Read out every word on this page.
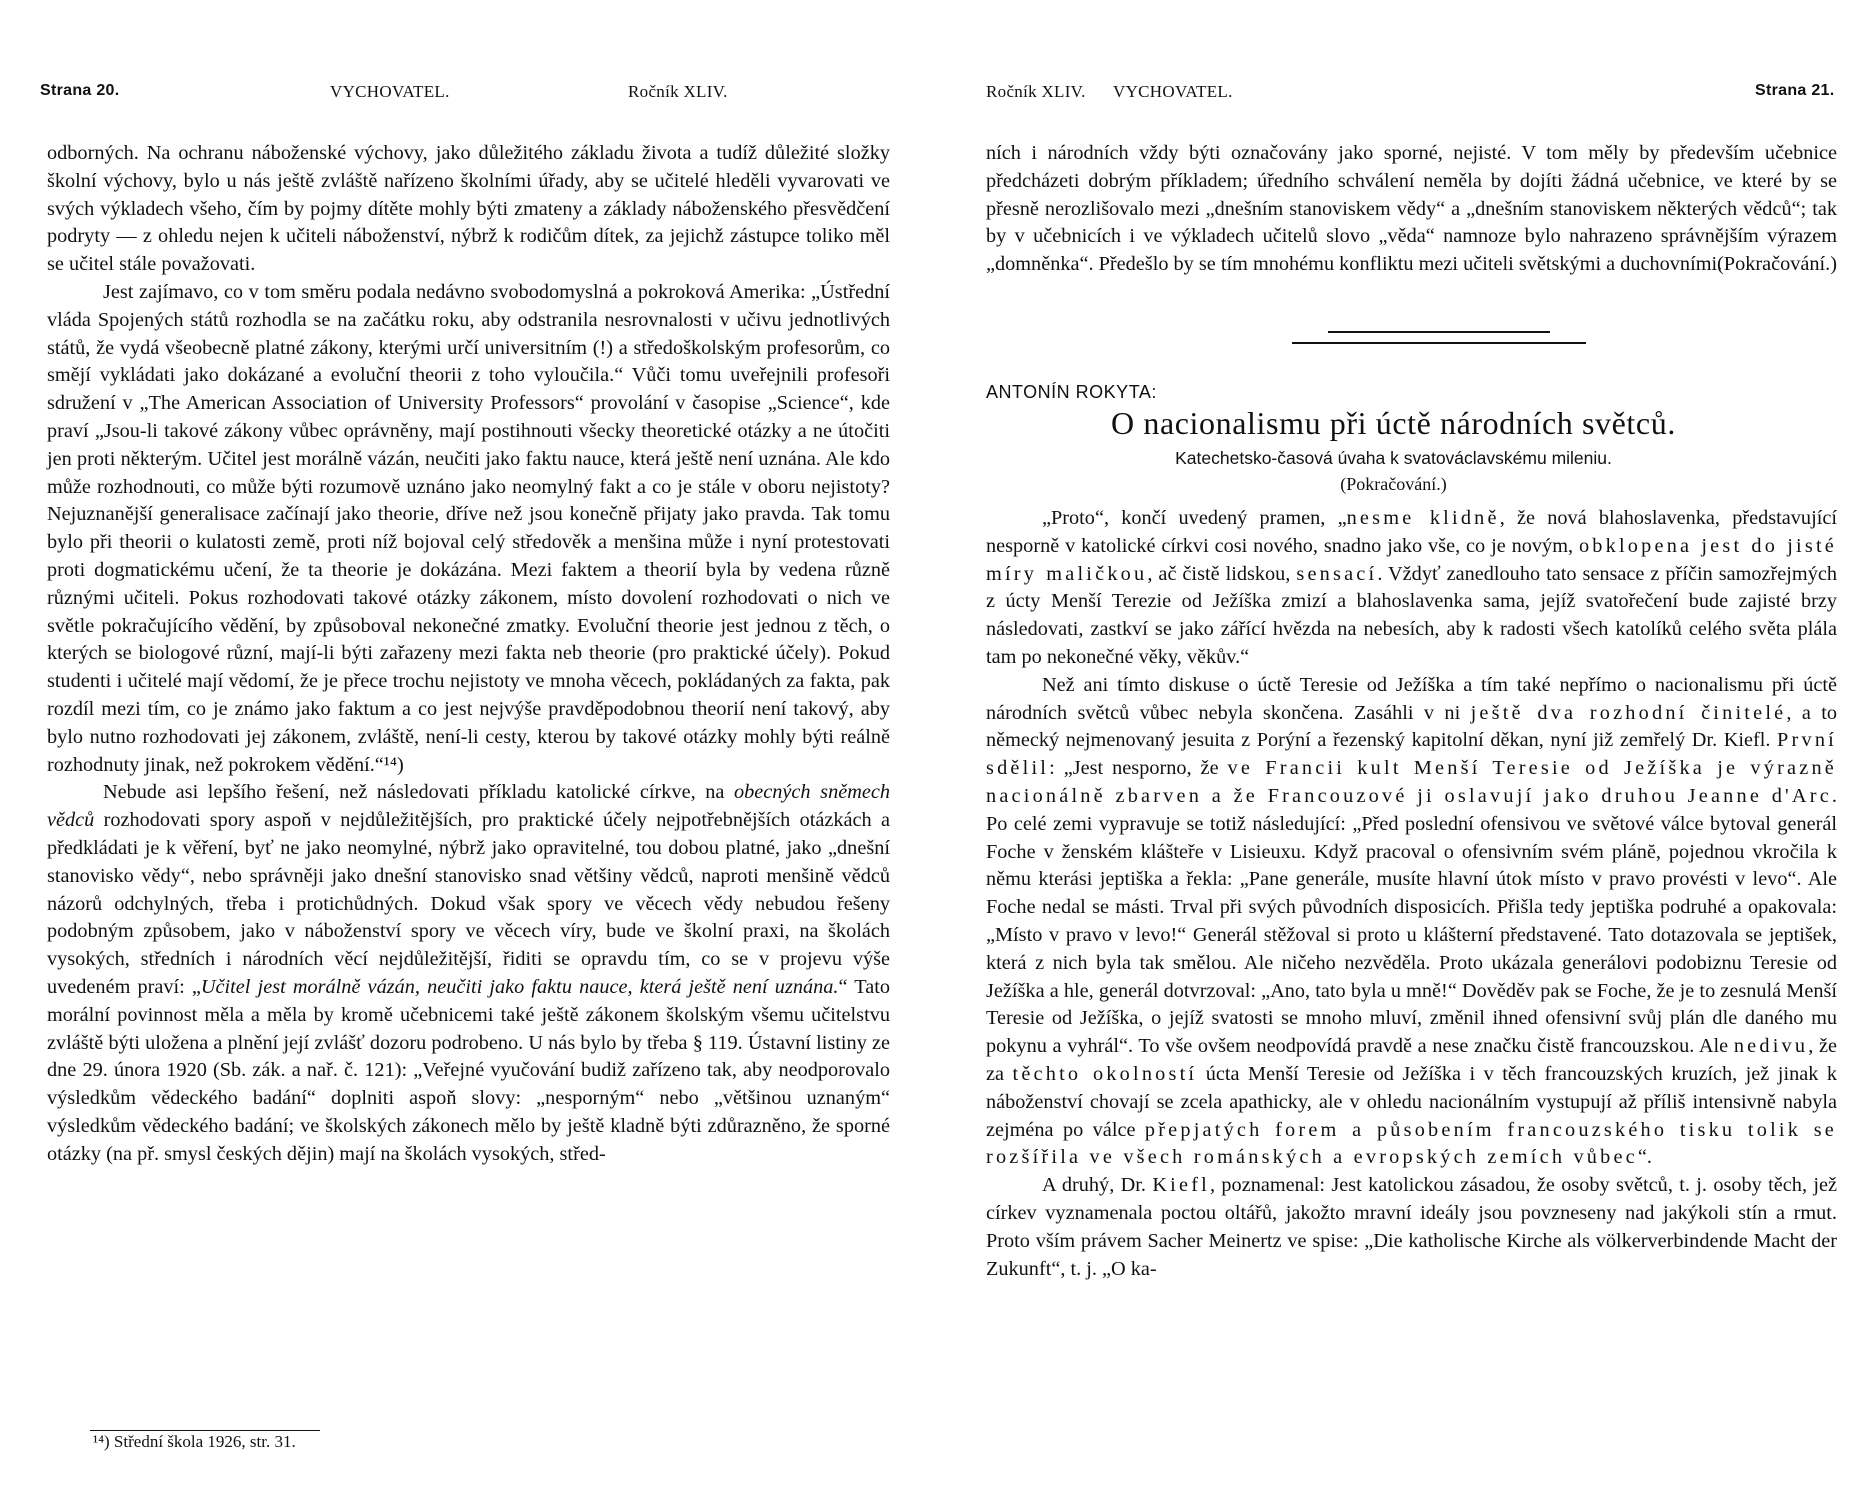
Strana 20.	VYCHOVATEL.	Ročník XLIV.

odborných. Na ochranu náboženské výchovy, jako důležitého základu života a tudíž důležité složky školní výchovy, bylo u nás ještě zvláště nařízeno školními úřady, aby se učitelé hleděli vyvarovati ve svých výkladech všeho, čím by pojmy dítěte mohly býti zmateny a základy náboženského přesvědčení podryty — z ohledu nejen k učiteli náboženství, nýbrž k rodičům dítek, za jejichž zástupce toliko měl se učitel stále považovati.

Jest zajímavo, co v tom směru podala nedávno svobodomyslná a pokroková Amerika: „Ústřední vláda Spojených států rozhodla se na začátku roku, aby odstranila nesrovnalosti v učivu jednotlivých států, že vydá všeobecně platné zákony, kterými určí universitním (!) a středoškolským profesorům, co smějí vykládati jako dokázané a evoluční theorii z toho vyloučila.“ Vůči tomu uveřejnili profesoři sdružení v „The American Association of University Professors“ provolání v časopise „Science“, kde praví „Jsou-li takové zákony vůbec oprávněny, mají postihnouti všecky theoretické otázky a ne útočiti jen proti některým. Učitel jest morálně vázán, neučiti jako faktu nauce, která ještě není uznána. Ale kdo může rozhodnouti, co může býti rozumově uznáno jako neomylný fakt a co je stále v oboru nejistoty? Nejuznanější generalisace začínají jako theorie, dříve než jsou konečně přijaty jako pravda. Tak tomu bylo při theorii o kulatosti země, proti níž bojoval celý středověk a menšina může i nyní protestovati proti dogmatickému učení, že ta theorie je dokázána. Mezi faktem a theorií byla by vedena různě různými učiteli. Pokus rozhodovati takové otázky zákonem, místo dovolení rozhodovati o nich ve světle pokračujícího vědění, by způsoboval nekonečné zmatky. Evoluční theorie jest jednou z těch, o kterých se biologové různí, mají-li býti zařazeny mezi fakta neb theorie (pro praktické účely). Pokud studenti i učitelé mají vědomí, že je přece trochu nejistoty ve mnoha věcech, pokládaných za fakta, pak rozdíl mezi tím, co je známo jako faktum a co jest nejvýše pravděpodobnou theorií není takový, aby bylo nutno rozhodovati jej zákonem, zvláště, není-li cesty, kterou by takové otázky mohly býti reálně rozhodnuty jinak, než pokrokem vědění.“¹⁴)

Nebude asi lepšího řešení, než následovati příkladu katolické církve, na obecných sněmech vědců rozhodovati spory aspoň v nejdůležitějších, pro praktické účely nejpotřebnějších otázkách a předkládati je k věření, byť ne jako neomylné, nýbrž jako opravitelné, tou dobou platné, jako „dnešní stanovisko vědy“, nebo správněji jako dnešní stanovisko snad většiny vědců, naproti menšině vědců názorů odchylných, třeba i protichůdných. Dokud však spory ve věcech vědy nebudou řešeny podobným způsobem, jako v náboženství spory ve věcech víry, bude ve školní praxi, na školách vysokých, středních i národních věcí nejdůležitější, řiditi se opravdu tím, co se v projevu výše uvedeném praví: „Učitel jest morálně vázán, neučiti jako faktu nauce, která ještě není uznána.“ Tato morální povinnost měla a měla by kromě učebnicemi také ještě zákonem školským všemu učitelstvu zvláště býti uložena a plnění její zvlášť dozoru podrobeno. U nás bylo by třeba § 119. Ústavní listiny ze dne 29. února 1920 (Sb. zák. a nař. č. 121): „Veřejné vyučování budiž zařízeno tak, aby neodporovalo výsledkům vědeckého badání“ doplniti aspoň slovy: „nesporným“ nebo „většinou uznaným“ výsledkům vědeckého badání; ve školských zákonech mělo by ještě kladně býti zdůrazněno, že sporné otázky (na př. smysl českých dějin) mají na školách vysokých, střed-

¹⁴) Střední škola 1926, str. 31.
Ročník XLIV. VYCHOVATEL.	Strana 21.

ních i národních vždy býti označovány jako sporné, nejisté. V tom měly by především učebnice předcházeti dobrým příkladem; úředního schválení neměla by dojíti žádná učebnice, ve které by se přesně nerozlišovalo mezi „dnešním stanoviskem vědy“ a „dnešním stanoviskem některých vědců“; tak by v učebnicích i ve výkladech učitelů slovo „věda“ namnoze bylo nahrazeno správnějším výrazem „domněnka“. Předešlo by se tím mnohému konfliktu mezi učiteli světskými a duchovními.

(Pokračování.)

ANTONÍN ROKYTA:
O nacionalismu při úctě národních světců.
Katechetsko-časová úvaha k svatováclavskému mileniu.
(Pokračování.)

„Proto“, končí uvedený pramen, „nesme klidně, že nová blahoslavenka, představující nesporně v katolické církvi cosi nového, snadno jako vše, co je novým, obklopena jest do jisté míry maličkou, ač čistě lidskou, sensací. Vždyť zanedlouho tato sensace z příčin samozřejmých z úcty Menší Terezie od Ježíška zmizí a blahoslavenka sama, jejíž svatořečení bude zajisté brzy následovati, zastkví se jako zářící hvězda na nebesích, aby k radosti všech katolíků celého světa plála tam po nekonečné věky, věkův.“

Než ani tímto diskuse o úctě Teresie od Ježíška a tím také nepřímo o nacionalismu při úctě národních světců vůbec nebyla skončena. Zasáhli v ni ještě dva rozhodní činitelé, a to německý nejmenovaný jesuita z Porýní a řezenský kapitolní děkan, nyní již zemřelý Dr. Kiefl. První sdělil: „Jest nesporno, že ve Francii kult Menší Teresie od Ježíška je výrazně nacionálně zbarven a že Francouzové ji oslavují jako druhou Jeanne d'Arc. Po celé zemi vypravuje se totiž následující: „Před poslední ofensivou ve světové válce bytoval generál Foche v ženském klášteře v Lisieuxu. Když pracoval o ofensivním svém plánĕ, pojednou vkročila k němu kterási jeptiška a řekla: „Pane generále, musíte hlavní útok místo v pravo provésti v levo“. Ale Foche nedal se másti. Trval při svých původních disposicích. Přišla tedy jeptiška podruhé a opakovala: „Místo v pravo v levo!“ Generál stěžoval si proto u klášterní představené. Tato dotazovala se jeptišek, která z nich byla tak smělou. Ale ničeho nezvěděla. Proto ukázala generálovi podobiznu Teresie od Ježíška a hle, generál dotvrzoval: „Ano, tato byla u mně!“ Dověděv pak se Foche, že je to zesnulá Menší Teresie od Ježíška, o jejíž svatosti se mnoho mluví, změnil ihned ofensivní svůj plán dle daného mu pokynu a vyhrál“. To vše ovšem neodpovídá pravdě a nese značku čistě francouzskou. Ale nedivu, že za těchto okolností úcta Menší Teresie od Ježíška i v těch francouzských kruzích, jež jinak k náboženství chovají se zcela apathicky, ale v ohledu nacionálním vystupují až příliš intensivně nabyla zejména po válce přepjatých forem a působením francouzského tisku tolik se rozšířila ve všech románských a evropských zemích vůbec“.

A druhý, Dr. Kiefl, poznamenal: Jest katolickou zásadou, že osoby světců, t. j. osoby těch, jež církev vyznamenala poctou oltářů, jakožto mravní ideály jsou povzneseny nad jakýkoli stín a rmut. Proto vším právem Sacher Meinertz ve spise: „Die katholische Kirche als völkerverbindende Macht der Zukunft“, t. j. „O ka-
